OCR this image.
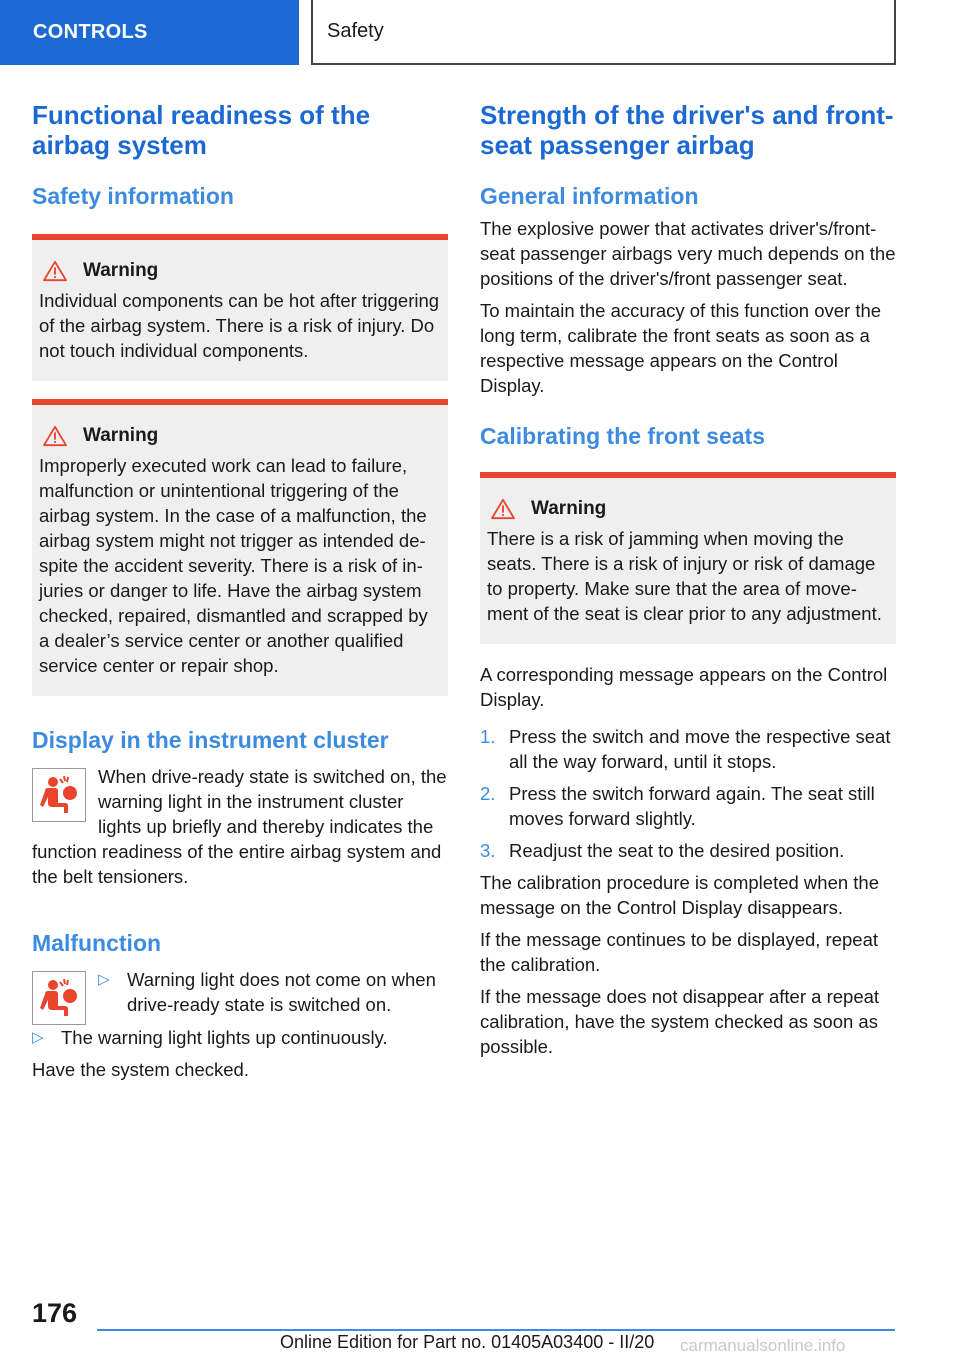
CONTROLS	Safety
Functional readiness of the airbag system
Safety information
Warning

Individual components can be hot after triggering of the airbag system. There is a risk of injury. Do not touch individual components.

Warning

Improperly executed work can lead to failure, malfunction or unintentional triggering of the airbag system. In the case of a malfunction, the airbag system might not trigger as intended despite the accident severity. There is a risk of injuries or danger to life. Have the airbag system checked, repaired, dismantled and scrapped by a dealer’s service center or another qualified service center or repair shop.

Display in the instrument cluster

When drive-ready state is switched on, the warning light in the instrument cluster lights up briefly and thereby indicates the function readiness of the entire airbag system and the belt tensioners.

Malfunction
▷ Warning light does not come on when drive-ready state is switched on.
▷ The warning light lights up continuously.

Have the system checked.

Strength of the driver's and front-seat passenger airbag
General information

The explosive power that activates driver's/front-seat passenger airbags very much depends on the positions of the driver's/front passenger seat.

To maintain the accuracy of this function over the long term, calibrate the front seats as soon as a respective message appears on the Control Display.

Calibrating the front seats
Warning

There is a risk of jamming when moving the seats. There is a risk of injury or risk of damage to property. Make sure that the area of movement of the seat is clear prior to any adjustment.

A corresponding message appears on the Control Display.

1. Press the switch and move the respective seat all the way forward, until it stops.
2. Press the switch forward again. The seat still moves forward slightly.
3. Readjust the seat to the desired position.

The calibration procedure is completed when the message on the Control Display disappears.

If the message continues to be displayed, repeat the calibration.

If the message does not disappear after a repeat calibration, have the system checked as soon as possible.

176
Online Edition for Part no. 01405A03400 - II/20 carmanualsonline.info
